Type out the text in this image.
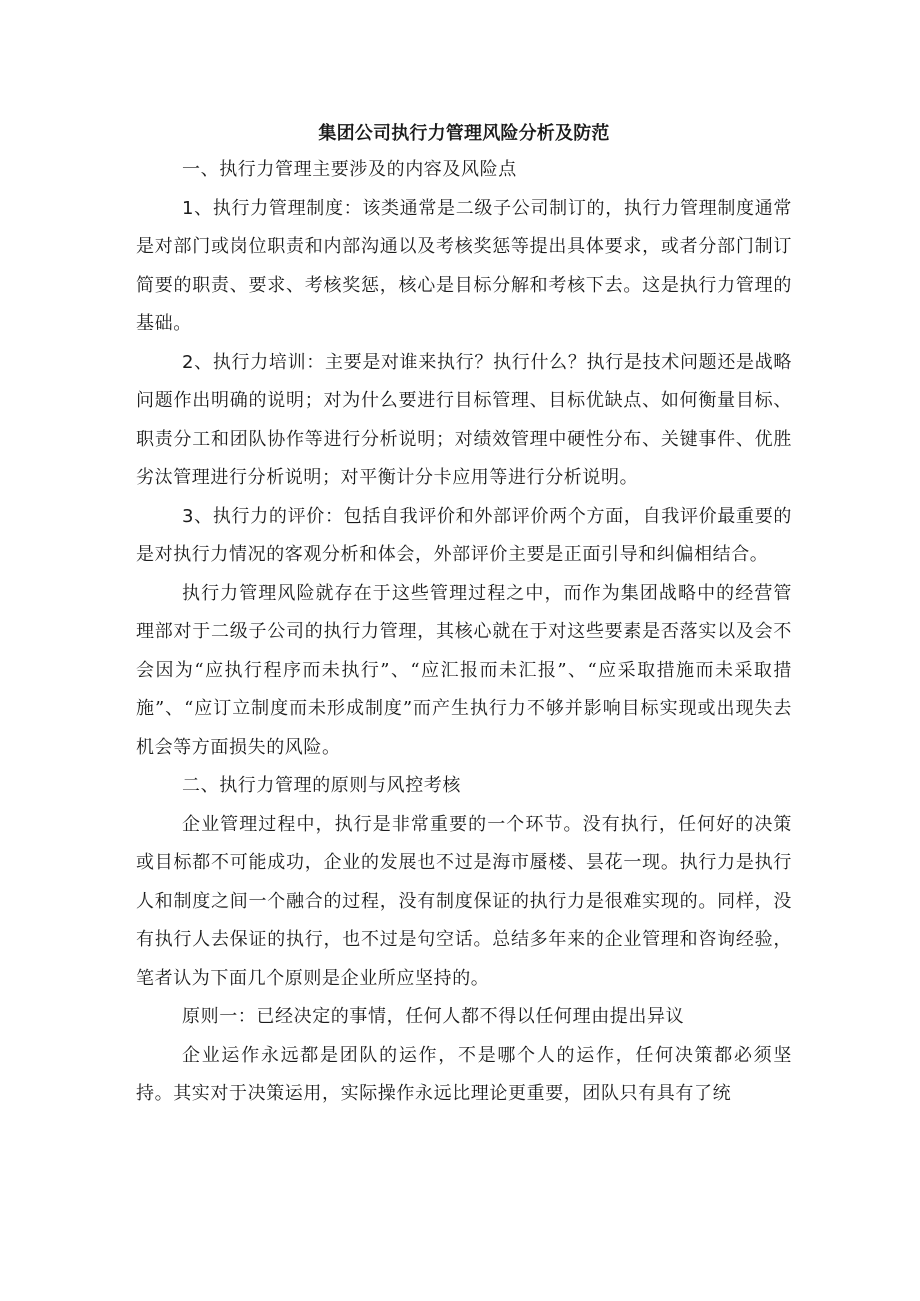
集团公司执行力管理风险分析及防范

一、执行力管理主要涉及的内容及风险点

1、执行力管理制度：该类通常是二级子公司制订的，执行力管理制度通常是对部门或岗位职责和内部沟通以及考核奖惩等提出具体要求，或者分部门制订简要的职责、要求、考核奖惩，核心是目标分解和考核下去。这是执行力管理的基础。

2、执行力培训：主要是对谁来执行？执行什么？执行是技术问题还是战略问题作出明确的说明；对为什么要进行目标管理、目标优缺点、如何衡量目标、职责分工和团队协作等进行分析说明；对绩效管理中硬性分布、关键事件、优胜劣汰管理进行分析说明；对平衡计分卡应用等进行分析说明。

3、执行力的评价：包括自我评价和外部评价两个方面，自我评价最重要的是对执行力情况的客观分析和体会，外部评价主要是正面引导和纠偏相结合。

执行力管理风险就存在于这些管理过程之中，而作为集团战略中的经营管理部对于二级子公司的执行力管理，其核心就在于对这些要素是否落实以及会不会因为“应执行程序而未执行”、“应汇报而未汇报”、“应采取措施而未采取措施”、“应订立制度而未形成制度”而产生执行力不够并影响目标实现或出现失去机会等方面损失的风险。

二、执行力管理的原则与风控考核

企业管理过程中，执行是非常重要的一个环节。没有执行，任何好的决策或目标都不可能成功，企业的发展也不过是海市蜃楼、昙花一现。执行力是执行人和制度之间一个融合的过程，没有制度保证的执行力是很难实现的。同样，没有执行人去保证的执行，也不过是句空话。总结多年来的企业管理和咨询经验，笔者认为下面几个原则是企业所应坚持的。

原则一：已经决定的事情，任何人都不得以任何理由提出异议

企业运作永远都是团队的运作，不是哪个人的运作，任何决策都必须坚持。其实对于决策运用，实际操作永远比理论更重要，团队只有具有了统
